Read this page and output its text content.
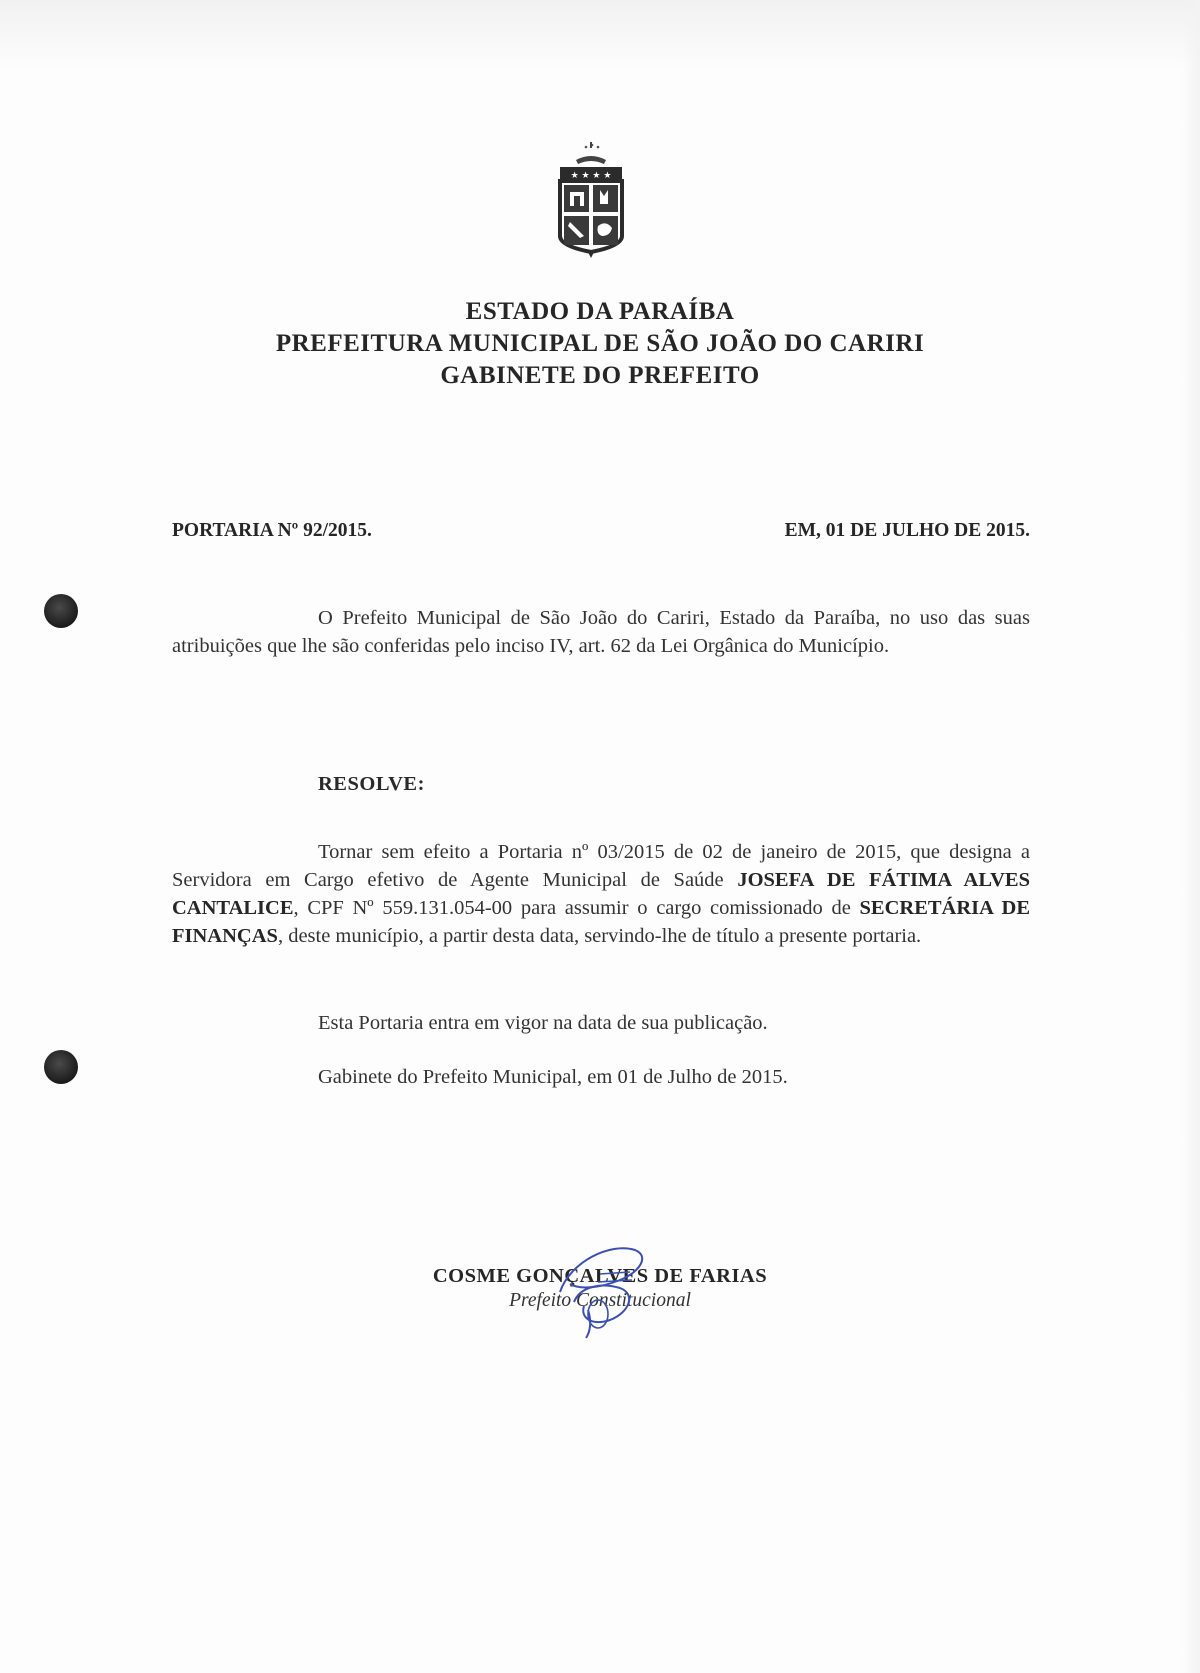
★ ★ ★ ★
ESTADO DA PARAÍBA
PREFEITURA MUNICIPAL DE SÃO JOÃO DO CARIRI
GABINETE DO PREFEITO
PORTARIA Nº 92/2015.	EM, 01 DE JULHO DE 2015.

O Prefeito Municipal de São João do Cariri, Estado da Paraíba, no uso das suas atribuições que lhe são conferidas pelo inciso IV, art. 62 da Lei Orgânica do Município.

RESOLVE:

Tornar sem efeito a Portaria nº 03/2015 de 02 de janeiro de 2015, que designa a Servidora em Cargo efetivo de Agente Municipal de Saúde JOSEFA DE FÁTIMA ALVES CANTALICE, CPF Nº 559.131.054-00 para assumir o cargo comissionado de SECRETÁRIA DE FINANÇAS, deste município, a partir desta data, servindo-lhe de título a presente portaria.

Esta Portaria entra em vigor na data de sua publicação.
Gabinete do Prefeito Municipal, em 01 de Julho de 2015.
COSME GONÇALVES DE FARIAS
Prefeito Constitucional
